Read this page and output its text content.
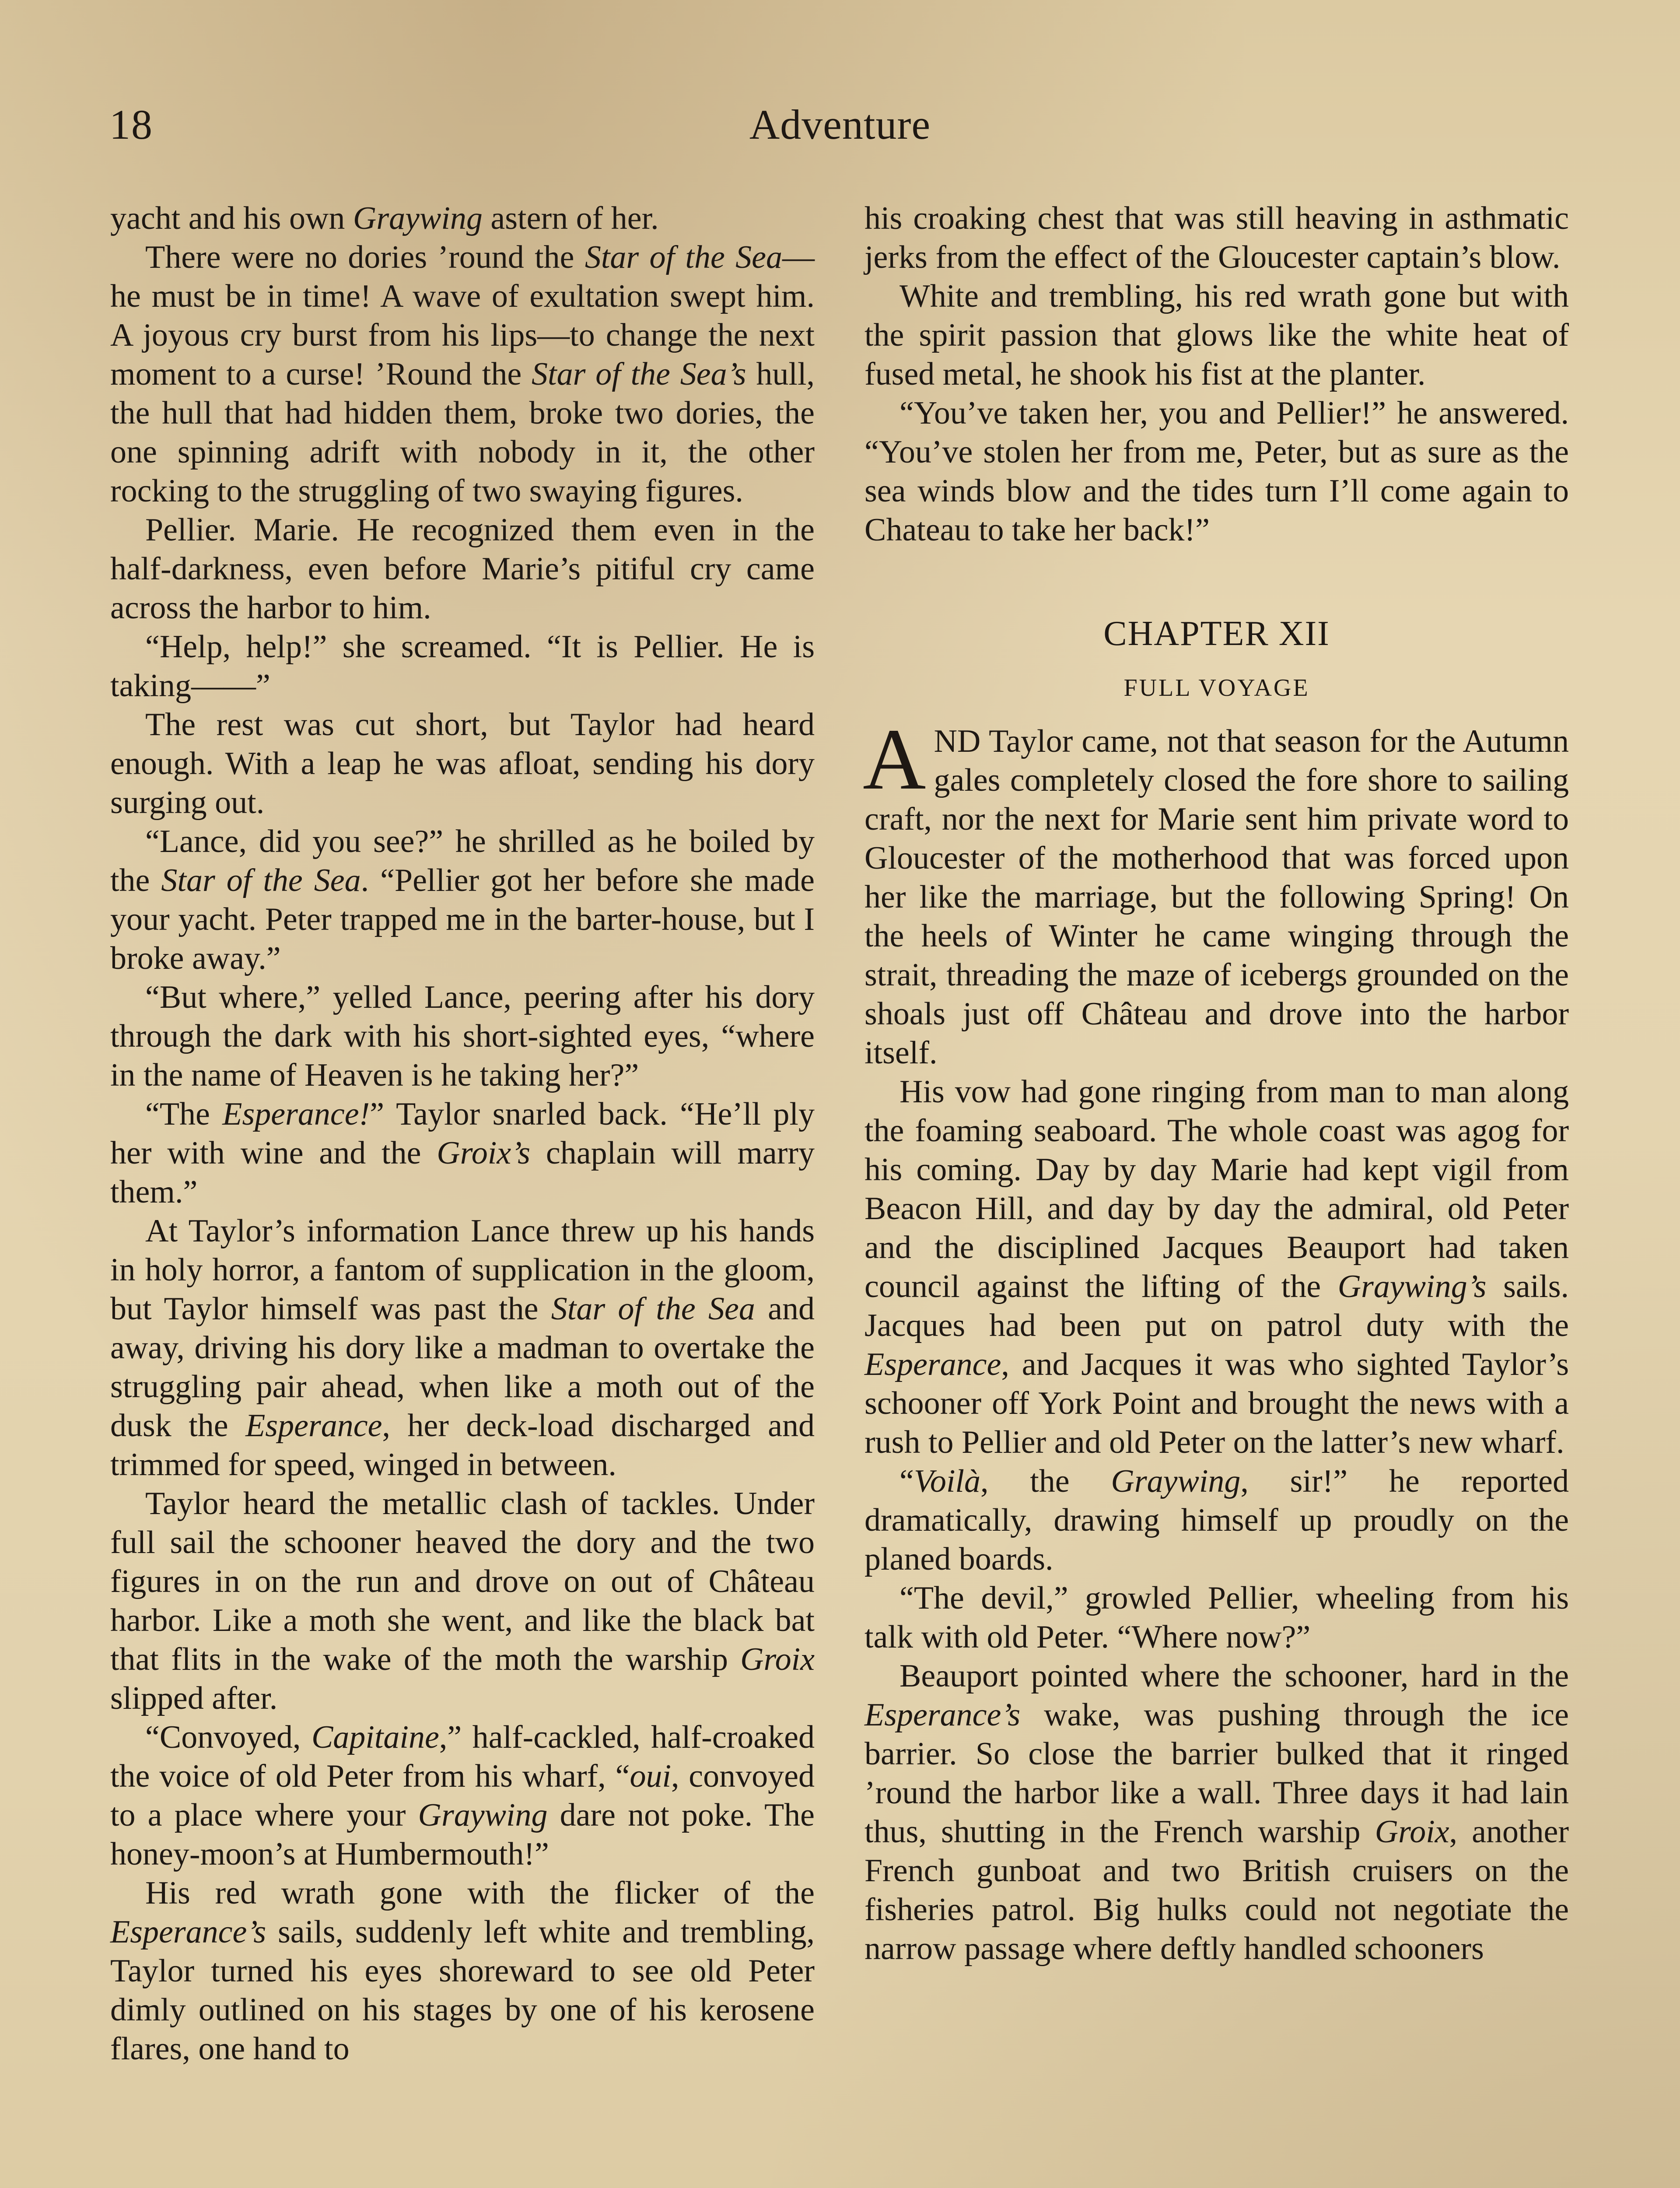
18	Adventure

yacht and his own Graywing astern of her.

There were no dories ’round the Star of the Sea—he must be in time! A wave of exultation swept him. A joyous cry burst from his lips—to change the next moment to a curse! ’Round the Star of the Sea’s hull, the hull that had hidden them, broke two dories, the one spinning adrift with nobody in it, the other rocking to the struggling of two swaying figures.

Pellier. Marie. He recognized them even in the half-darkness, even before Marie’s pitiful cry came across the harbor to him.

“Help, help!” she screamed. “It is Pellier. He is taking——”

The rest was cut short, but Taylor had heard enough. With a leap he was afloat, sending his dory surging out.

“Lance, did you see?” he shrilled as he boiled by the Star of the Sea. “Pellier got her before she made your yacht. Peter trapped me in the barter-house, but I broke away.”

“But where,” yelled Lance, peering after his dory through the dark with his short-sighted eyes, “where in the name of Heaven is he taking her?”

“The Esperance!” Taylor snarled back. “He’ll ply her with wine and the Groix’s chaplain will marry them.”

At Taylor’s information Lance threw up his hands in holy horror, a fantom of supplication in the gloom, but Taylor himself was past the Star of the Sea and away, driving his dory like a madman to overtake the struggling pair ahead, when like a moth out of the dusk the Esperance, her deck-load discharged and trimmed for speed, winged in between.

Taylor heard the metallic clash of tackles. Under full sail the schooner heaved the dory and the two figures in on the run and drove on out of Château harbor. Like a moth she went, and like the black bat that flits in the wake of the moth the warship Groix slipped after.

“Convoyed, Capitaine,” half-cackled, half-croaked the voice of old Peter from his wharf, “oui, convoyed to a place where your Graywing dare not poke. The honey-moon’s at Humbermouth!”

His red wrath gone with the flicker of the Esperance’s sails, suddenly left white and trembling, Taylor turned his eyes shoreward to see old Peter dimly outlined on his stages by one of his kerosene flares, one hand to

his croaking chest that was still heaving in asthmatic jerks from the effect of the Gloucester captain’s blow.

White and trembling, his red wrath gone but with the spirit passion that glows like the white heat of fused metal, he shook his fist at the planter.

“You’ve taken her, you and Pellier!” he answered. “You’ve stolen her from me, Peter, but as sure as the sea winds blow and the tides turn I’ll come again to Chateau to take her back!”

CHAPTER XII
FULL VOYAGE

AND Taylor came, not that season for the Autumn gales completely closed the fore shore to sailing craft, nor the next for Marie sent him private word to Gloucester of the motherhood that was forced upon her like the marriage, but the following Spring! On the heels of Winter he came winging through the strait, threading the maze of icebergs grounded on the shoals just off Château and drove into the harbor itself.

His vow had gone ringing from man to man along the foaming seaboard. The whole coast was agog for his coming. Day by day Marie had kept vigil from Beacon Hill, and day by day the admiral, old Peter and the disciplined Jacques Beauport had taken council against the lifting of the Graywing’s sails. Jacques had been put on patrol duty with the Esperance, and Jacques it was who sighted Taylor’s schooner off York Point and brought the news with a rush to Pellier and old Peter on the latter’s new wharf.

“Voilà, the Graywing, sir!” he reported dramatically, drawing himself up proudly on the planed boards.

“The devil,” growled Pellier, wheeling from his talk with old Peter. “Where now?”

Beauport pointed where the schooner, hard in the Esperance’s wake, was pushing through the ice barrier. So close the barrier bulked that it ringed ’round the harbor like a wall. Three days it had lain thus, shutting in the French warship Groix, another French gunboat and two British cruisers on the fisheries patrol. Big hulks could not negotiate the narrow passage where deftly handled schooners
